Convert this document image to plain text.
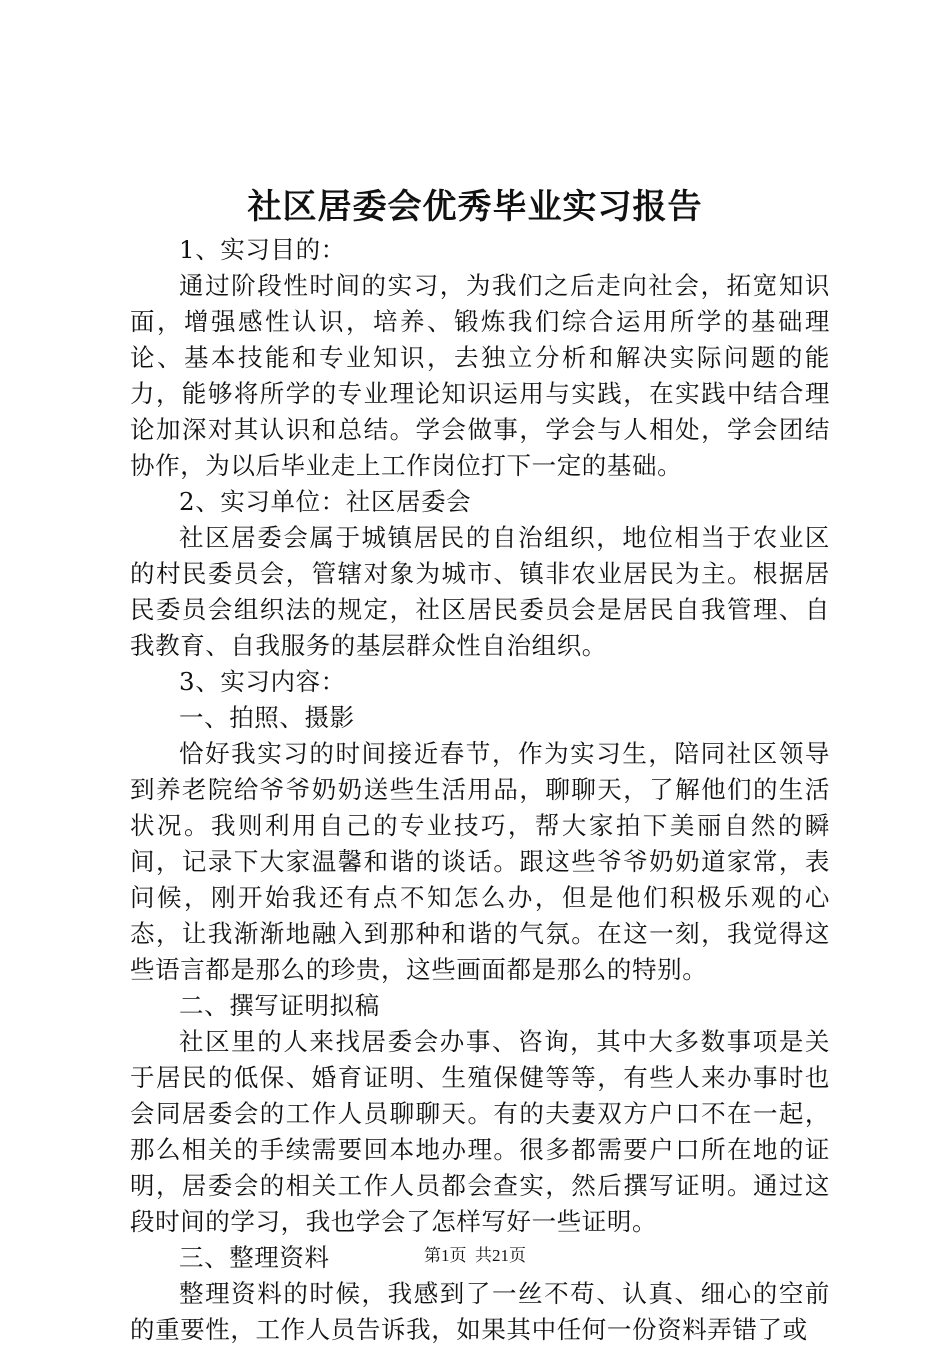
社区居委会优秀毕业实习报告

1、实习目的：

通过阶段性时间的实习，为我们之后走向社会，拓宽知识面，增强感性认识，培养、锻炼我们综合运用所学的基础理论、基本技能和专业知识，去独立分析和解决实际问题的能力，能够将所学的专业理论知识运用与实践，在实践中结合理论加深对其认识和总结。学会做事，学会与人相处，学会团结协作，为以后毕业走上工作岗位打下一定的基础。

2、实习单位：社区居委会

社区居委会属于城镇居民的自治组织，地位相当于农业区的村民委员会，管辖对象为城市、镇非农业居民为主。根据居民委员会组织法的规定，社区居民委员会是居民自我管理、自我教育、自我服务的基层群众性自治组织。

3、实习内容：

一、拍照、摄影

恰好我实习的时间接近春节，作为实习生，陪同社区领导到养老院给爷爷奶奶送些生活用品，聊聊天，了解他们的生活状况。我则利用自己的专业技巧，帮大家拍下美丽自然的瞬间，记录下大家温馨和谐的谈话。跟这些爷爷奶奶道家常，表问候，刚开始我还有点不知怎么办，但是他们积极乐观的心态，让我渐渐地融入到那种和谐的气氛。在这一刻，我觉得这些语言都是那么的珍贵，这些画面都是那么的特别。

二、撰写证明拟稿

社区里的人来找居委会办事、咨询，其中大多数事项是关于居民的低保、婚育证明、生殖保健等等，有些人来办事时也会同居委会的工作人员聊聊天。有的夫妻双方户口不在一起，那么相关的手续需要回本地办理。很多都需要户口所在地的证明，居委会的相关工作人员都会查实，然后撰写证明。通过这段时间的学习，我也学会了怎样写好一些证明。

三、整理资料

整理资料的时候，我感到了一丝不苟、认真、细心的空前的重要性，工作人员告诉我，如果其中任何一份资料弄错了或

第1页 共21页
